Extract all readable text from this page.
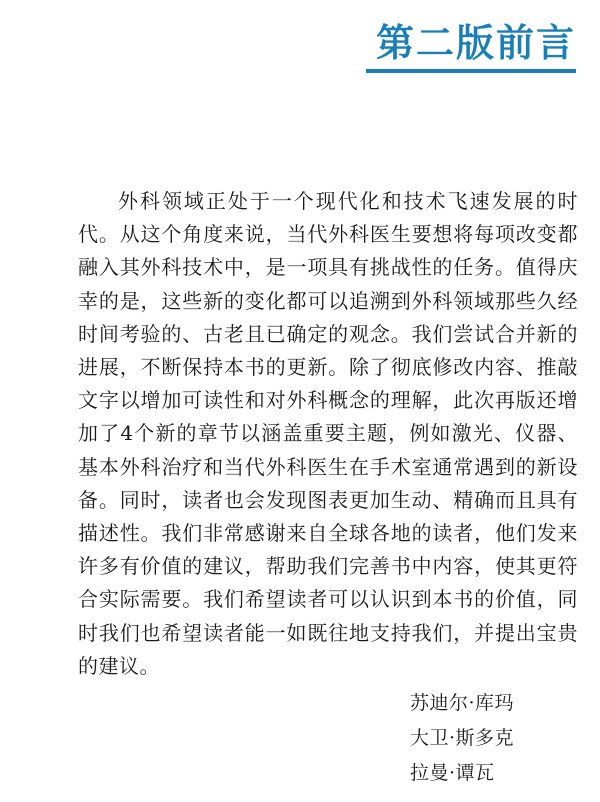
第二版前言

外科领域正处于一个现代化和技术飞速发展的时代。从这个角度来说，当代外科医生要想将每项改变都融入其外科技术中，是一项具有挑战性的任务。值得庆幸的是，这些新的变化都可以追溯到外科领域那些久经时间考验的、古老且已确定的观念。我们尝试合并新的进展，不断保持本书的更新。除了彻底修改内容、推敲文字以增加可读性和对外科概念的理解，此次再版还增加了4个新的章节以涵盖重要主题，例如激光、仪器、基本外科治疗和当代外科医生在手术室通常遇到的新设备。同时，读者也会发现图表更加生动、精确而且具有描述性。我们非常感谢来自全球各地的读者，他们发来许多有价值的建议，帮助我们完善书中内容，使其更符合实际需要。我们希望读者可以认识到本书的价值，同时我们也希望读者能一如既往地支持我们，并提出宝贵的建议。

苏迪尔·库玛
大卫·斯多克
拉曼·谭瓦
